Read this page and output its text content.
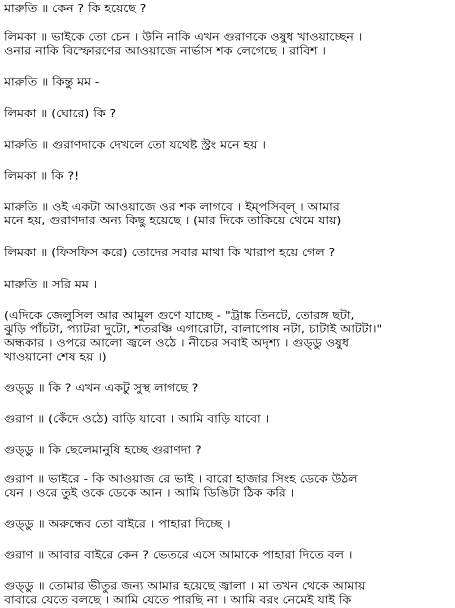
মারুতি ॥ কেন ? কি হয়েছে ?
লিমকা ॥ ভাইকে তো চেন । উনি নাকি এখন গুরাণকে ওষুধ খাওয়াচ্ছেন ।
ওনার নাকি বিস্ফোরণের আওয়াজে নার্ভাস শক লেগেছে । রাবিশ ।
মারুতি ॥ কিন্তু মম -
লিমকা ॥ (ঘোরে) কি ?
মারুতি ॥ গুরাণদাকে দেখলে তো যথেষ্ট স্ট্রং মনে হয় ।
লিমকা ॥ কি ?!
মারুতি ॥ ওই একটা আওয়াজে ওর শক লাগবে । ইম্‌পসিব্‌ল্‌ । আমার
মনে হয়, গুরাণদার অন্য কিছু হয়েছে । (মার দিকে তাকিয়ে থেমে যায়)
লিমকা ॥ (ফিসফিস করে) তোদের সবার মাথা কি খারাপ হয়ে গেল ?
মারুতি ॥ সরি মম ।
(এদিকে জেলুসিল আর আমুল গুণে যাচ্ছে - "ট্রাঙ্ক তিনটে, তোরঙ্গ ছটা,
ঝুড়ি পাঁচটা, প্যাটরা দুটো, শতরঞ্চি এগারোটা, বালাপোষ নটা, চাটাই আটটা।"
অন্ধকার । ওপরে আলো জ্বলে ওঠে । নীচের সবাই অদৃশ্য । গুড্‌ডু ওষুধ
খাওয়ানো শেষ হয় ।)
গুড্‌ডু ॥ কি ? এখন একটু সুস্থ লাগছে ?
গুরাণ ॥ (কেঁদে ওঠে) বাড়ি যাবো । আমি বাড়ি যাবো ।
গুড্‌ডু ॥ কি ছেলেমানুষি হচ্ছে গুরাণদা ?
গুরাণ ॥ ভাইরে - কি আওয়াজ রে ভাই । বারো হাজার সিংহ ডেকে উঠল
যেন । ওরে তুই ওকে ডেকে আন । আমি ডিঙিটা ঠিক করি ।
গুড্‌ডু ॥ অরুন্ধেব তো বাইরে । পাহারা দিচ্ছে ।
গুরাণ ॥ আবার বাইরে কেন ? ভেতরে এসে আমাকে পাহারা দিতে বল ।
গুড্‌ডু ॥ তোমার ভীতুর জন্য আমার হয়েছে জ্বালা । মা তখন থেকে আমায়
বাবারে যেতে বলছে । আমি যেতে পারছি না । আমি বরং নেমেই যাই কি
